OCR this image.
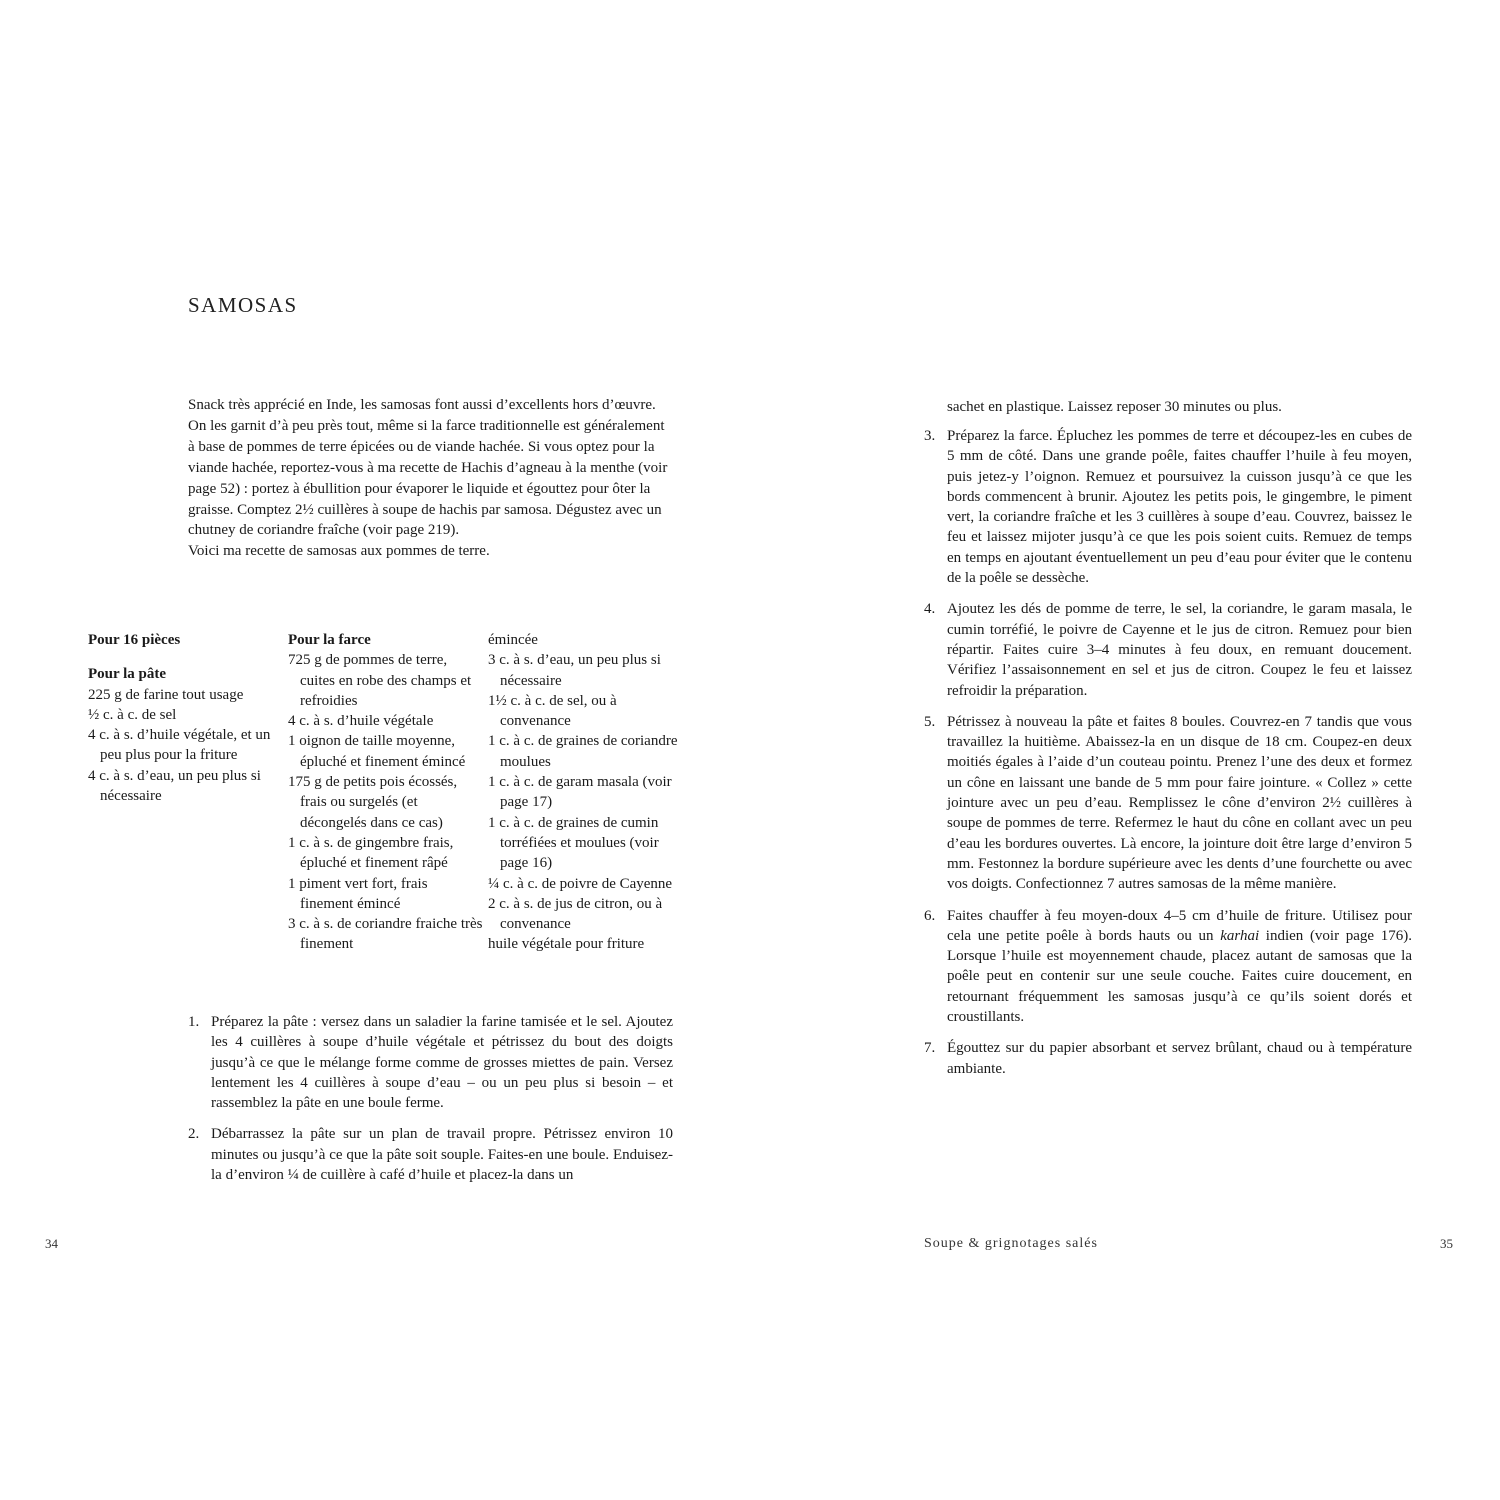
SAMOSAS

Snack très apprécié en Inde, les samosas font aussi d’excellents hors d’œuvre. On les garnit d’à peu près tout, même si la farce traditionnelle est généralement à base de pommes de terre épicées ou de viande hachée. Si vous optez pour la viande hachée, reportez-vous à ma recette de Hachis d’agneau à la menthe (voir page 52) : portez à ébullition pour évaporer le liquide et égouttez pour ôter la graisse. Comptez 2½ cuillères à soupe de hachis par samosa. Dégustez avec un chutney de coriandre fraîche (voir page 219).

Voici ma recette de samosas aux pommes de terre.

Pour 16 pièces
Pour la pâte
225 g de farine tout usage
½ c. à c. de sel
4 c. à s. d’huile végétale, et un peu plus pour la friture
4 c. à s. d’eau, un peu plus si nécessaire
Pour la farce
725 g de pommes de terre, cuites en robe des champs et refroidies
4 c. à s. d’huile végétale
1 oignon de taille moyenne, épluché et finement émincé
175 g de petits pois écossés, frais ou surgelés (et décongelés dans ce cas)
1 c. à s. de gingembre frais, épluché et finement râpé
1 piment vert fort, frais finement émincé
3 c. à s. de coriandre fraiche très finement
émincée
3 c. à s. d’eau, un peu plus si nécessaire
1½ c. à c. de sel, ou à convenance
1 c. à c. de graines de coriandre moulues
1 c. à c. de garam masala (voir page 17)
1 c. à c. de graines de cumin torréfiées et moulues (voir page 16)
¼ c. à c. de poivre de Cayenne
2 c. à s. de jus de citron, ou à convenance
huile végétale pour friture
1. Préparez la pâte : versez dans un saladier la farine tamisée et le sel. Ajoutez les 4 cuillères à soupe d’huile végétale et pétrissez du bout des doigts jusqu’à ce que le mélange forme comme de grosses miettes de pain. Versez lentement les 4 cuillères à soupe d’eau – ou un peu plus si besoin – et rassemblez la pâte en une boule ferme.
2. Débarrassez la pâte sur un plan de travail propre. Pétrissez environ 10 minutes ou jusqu’à ce que la pâte soit souple. Faites-en une boule. Enduisez-la d’environ ¼ de cuillère à café d’huile et placez-la dans un
34

sachet en plastique. Laissez reposer 30 minutes ou plus.

3. Préparez la farce. Épluchez les pommes de terre et découpez-les en cubes de 5 mm de côté. Dans une grande poêle, faites chauffer l’huile à feu moyen, puis jetez-y l’oignon. Remuez et poursuivez la cuisson jusqu’à ce que les bords commencent à brunir. Ajoutez les petits pois, le gingembre, le piment vert, la coriandre fraîche et les 3 cuillères à soupe d’eau. Couvrez, baissez le feu et laissez mijoter jusqu’à ce que les pois soient cuits. Remuez de temps en temps en ajoutant éventuellement un peu d’eau pour éviter que le contenu de la poêle se dessèche.
4. Ajoutez les dés de pomme de terre, le sel, la coriandre, le garam masala, le cumin torréfié, le poivre de Cayenne et le jus de citron. Remuez pour bien répartir. Faites cuire 3–4 minutes à feu doux, en remuant doucement. Vérifiez l’assaisonnement en sel et jus de citron. Coupez le feu et laissez refroidir la préparation.
5. Pétrissez à nouveau la pâte et faites 8 boules. Couvrez-en 7 tandis que vous travaillez la huitième. Abaissez-la en un disque de 18 cm. Coupez-en deux moitiés égales à l’aide d’un couteau pointu. Prenez l’une des deux et formez un cône en laissant une bande de 5 mm pour faire jointure. « Collez » cette jointure avec un peu d’eau. Remplissez le cône d’environ 2½ cuillères à soupe de pommes de terre. Refermez le haut du cône en collant avec un peu d’eau les bordures ouvertes. Là encore, la jointure doit être large d’environ 5 mm. Festonnez la bordure supérieure avec les dents d’une fourchette ou avec vos doigts. Confectionnez 7 autres samosas de la même manière.
6. Faites chauffer à feu moyen-doux 4–5 cm d’huile de friture. Utilisez pour cela une petite poêle à bords hauts ou un karhai indien (voir page 176). Lorsque l’huile est moyennement chaude, placez autant de samosas que la poêle peut en contenir sur une seule couche. Faites cuire doucement, en retournant fréquemment les samosas jusqu’à ce qu’ils soient dorés et croustillants.
7. Égouttez sur du papier absorbant et servez brûlant, chaud ou à température ambiante.
Soupe & grignotages salés	35
